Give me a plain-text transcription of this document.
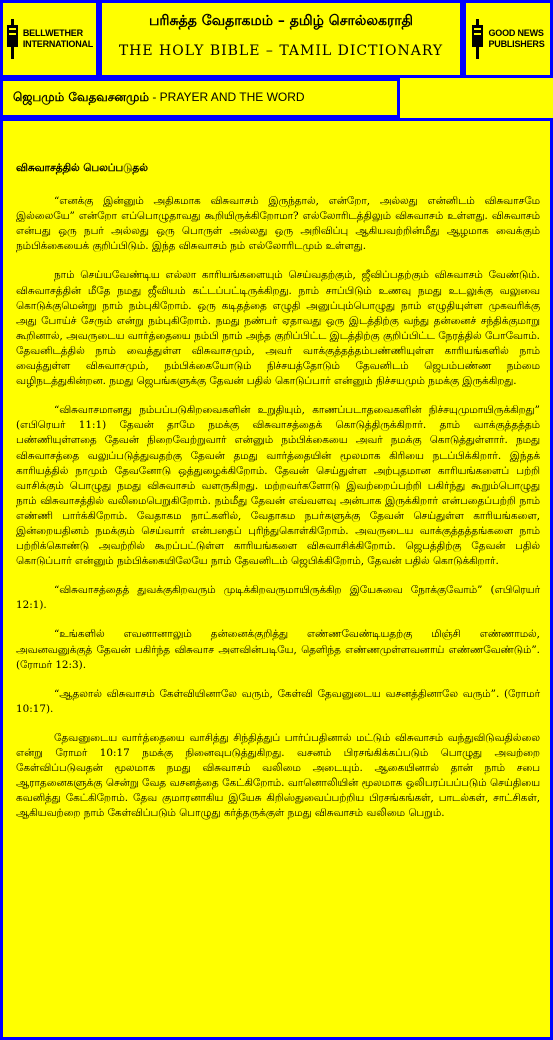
BELLWETHER
INTERNATIONAL
பரிசுத்த வேதாகமம் – தமிழ் சொல்லகராதி
THE HOLY BIBLE – TAMIL DICTIONARY
GOOD NEWS
PUBLISHERS
ஜெபமும் வேதவசனமும் - PRAYER AND THE WORD
விசுவாசத்தில் பெலப்படுதல்

“எனக்கு இன்னும் அதிகமாக விசுவாசம் இருந்தால், என்றோ, அல்லது என்னிடம் விசுவாசமே இல்லையே” என்றோ எப்பொழுதாவது கூறியிருக்கிறோமா? எல்லோரிடத்திலும் விசுவாசம் உள்ளது. விசுவாசம் என்பது ஒரு நபர் அல்லது ஒரு பொருள் அல்லது ஒரு அறிவிப்பு ஆகியவற்றின்மீது ஆழமாக வைக்கும் நம்பிக்கையைக் குறிப்பிடும். இந்த விசுவாசம் நம் எல்லோரிடமும் உள்ளது.

நாம் செய்யவேண்டிய எல்லா காரியங்களையும் செய்வதற்கும், ஜீவிப்பதற்கும் விசுவாசம் வேண்டும். விசுவாசத்தின் மீதே நமது ஜீவியம் கட்டப்பட்டிருக்கிறது. நாம் சாப்பிடும் உணவு நமது உடலுக்கு வலுவை கொடுக்குமென்று நாம் நம்புகிறோம். ஒரு கடிதத்தை எழுதி அனுப்பும்பொழுது நாம் எழுதியுள்ள முகவரிக்கு அது போய்ச் சேரும் என்று நம்புகிறோம். நமது நண்பர் ஏதாவது ஒரு இடத்திற்கு வந்து தன்னைச் சந்திக்குமாறு கூறினால், அவருடைய வார்த்தையை நம்பி நாம் அந்த குறிப்பிட்ட இடத்திற்கு குறிப்பிட்ட நேரத்தில் போவோம். தேவனிடத்தில் நாம் வைத்துள்ள விசுவாசமும், அவர் வாக்குத்தத்தம்பண்ணியுள்ள காரியங்களில் நாம் வைத்துள்ள விசுவாசமும், நம்பிக்கையோடும் நிச்சயத்தோடும் தேவனிடம் ஜெபம்பண்ண நம்மை வழிநடத்துகின்றன. நமது ஜெபங்களுக்கு தேவன் பதில் கொடுப்பார் என்னும் நிச்சயமும் நமக்கு இருக்கிறது.

“விசுவாசமானது நம்பப்படுகிறவைகளின் உறுதியும், காணப்படாதவைகளின் நிச்சயுமுமாயிருக்கிறது” (எபிரெயர் 11:1) தேவன் தாமே நமக்கு விசுவாசத்தைக் கொடுத்திருக்கிறார். தாம் வாக்குத்தத்தம் பண்ணியுள்ளதை தேவன் நிறைவேற்றுவார் என்னும் நம்பிக்கையை அவர் நமக்கு கொடுத்துள்ளார். நமது விசுவாசத்தை வலுப்படுத்துவதற்கு தேவன் தமது வார்த்தையின் மூலமாக கிரியை நடப்பிக்கிறார். இந்தக் காரியத்தில் நாமும் தேவனோடு ஒத்துழைக்கிறோம். தேவன் செய்துள்ள அற்புதமான காரியங்களைப் பற்றி வாசிக்கும் பொழுது நமது விசுவாசம் வளருகிறது. மற்றவர்களோடு இவற்றைப்பற்றி பகிர்ந்து கூறும்பொழுது நாம் விசுவாசத்தில் வலிமைபெறுகிறோம். நம்மீது தேவன் எவ்வளவு அன்பாக இருக்கிறார் என்பதைப்பற்றி நாம் எண்ணி பார்க்கிறோம். வேதாகம நாட்களில், வேதாகம நபர்களுக்கு தேவன் செய்துள்ள காரியங்களை, இன்றையதினம் நமக்கும் செய்வார் என்பதைப் புரிந்துகொள்கிறோம். அவருடைய வாக்குத்தத்தங்களை நாம் பற்றிக்கொண்டு அவற்றில் கூறப்பட்டுள்ள காரியங்களை விசுவாசிக்கிறோம். ஜெபத்திற்கு தேவன் பதில் கொடுப்பார் என்னும் நம்பிக்கையிலேயே நாம் தேவனிடம் ஜெபிக்கிறோம், தேவன் பதில் கொடுக்கிறார்.

“விசுவாசத்தைத் துவக்குகிறவரும் முடிக்கிறவருமாயிருக்கிற இயேசுவை நோக்குவோம்” (எபிரெயர் 12:1).

“உங்களில் எவனானாலும் தன்னைக்குறித்து எண்ணவேண்டியதற்கு மிஞ்சி எண்ணாமல், அவனவனுக்குத் தேவன் பகிர்ந்த விசுவாச அளவின்படியே, தெளிந்த எண்ணமுள்ளவனாய் எண்ணவேண்டும்”. (ரோமர் 12:3).

“ஆதலால் விசுவாசம் கேள்வியினாலே வரும், கேள்வி தேவனுடைய வசனத்தினாலே வரும்”. (ரோமர் 10:17).

தேவனுடைய வார்த்தையை வாசித்து சிந்தித்துப் பார்ப்பதினால் மட்டும் விசுவாசம் வந்துவிடுவதில்லை என்று ரோமர் 10:17 நமக்கு நினைவுபடுத்துகிறது. வசனம் பிரசங்கிக்கப்படும் பொழுது அவற்றை கேள்விப்படுவதன் மூலமாக நமது விசுவாசம் வலிமை அடையும். ஆகையினால் தான் நாம் சபை ஆராதனைகளுக்கு சென்று வேத வசனத்தை கேட்கிறோம். வானொலியின் மூலமாக ஒலிபரப்பப்படும் செய்தியை கவனித்து கேட்கிறோம். தேவ குமாரனாகிய இயேசு கிறிஸ்துவைப்பற்றிய பிரசங்கங்கள், பாடல்கள், சாட்சிகள், ஆகியவற்றை நாம் கேள்விப்படும் பொழுது கர்த்தருக்குள் நமது விசுவாசம் வலிமை பெறும்.
